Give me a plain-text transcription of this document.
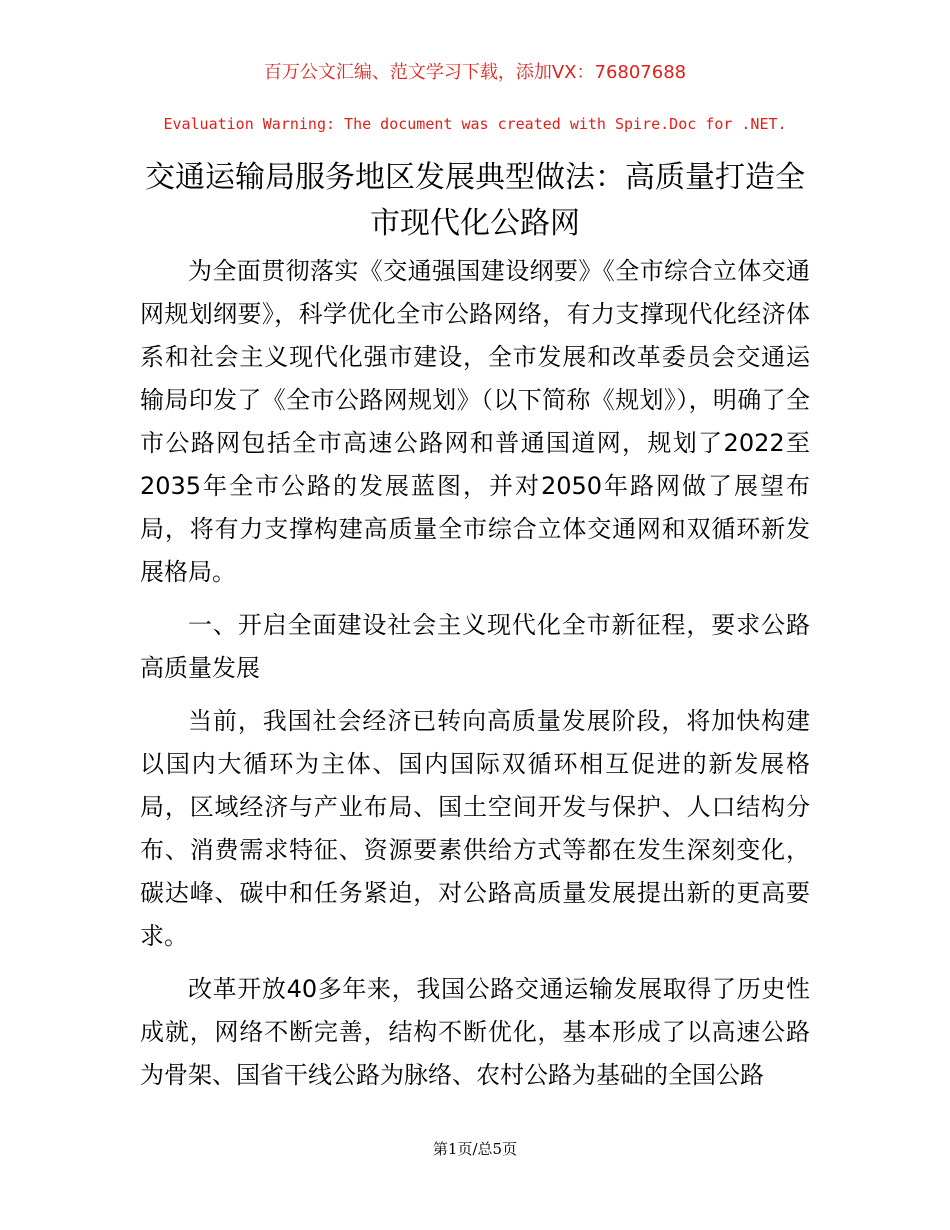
百万公文汇编、范文学习下载，添加VX：76807688
Evaluation Warning: The document was created with Spire.Doc for .NET.
交通运输局服务地区发展典型做法：高质量打造全市现代化公路网

为全面贯彻落实《交通强国建设纲要》《全市综合立体交通网规划纲要》，科学优化全市公路网络，有力支撑现代化经济体系和社会主义现代化强市建设，全市发展和改革委员会交通运输局印发了《全市公路网规划》（以下简称《规划》），明确了全市公路网包括全市高速公路网和普通国道网，规划了2022至2035年全市公路的发展蓝图，并对2050年路网做了展望布局，将有力支撑构建高质量全市综合立体交通网和双循环新发展格局。

一、开启全面建设社会主义现代化全市新征程，要求公路高质量发展

当前，我国社会经济已转向高质量发展阶段，将加快构建以国内大循环为主体、国内国际双循环相互促进的新发展格局，区域经济与产业布局、国土空间开发与保护、人口结构分布、消费需求特征、资源要素供给方式等都在发生深刻变化，碳达峰、碳中和任务紧迫，对公路高质量发展提出新的更高要求。

改革开放40多年来，我国公路交通运输发展取得了历史性成就，网络不断完善，结构不断优化，基本形成了以高速公路为骨架、国省干线公路为脉络、农村公路为基础的全国公路

第1页/总5页
